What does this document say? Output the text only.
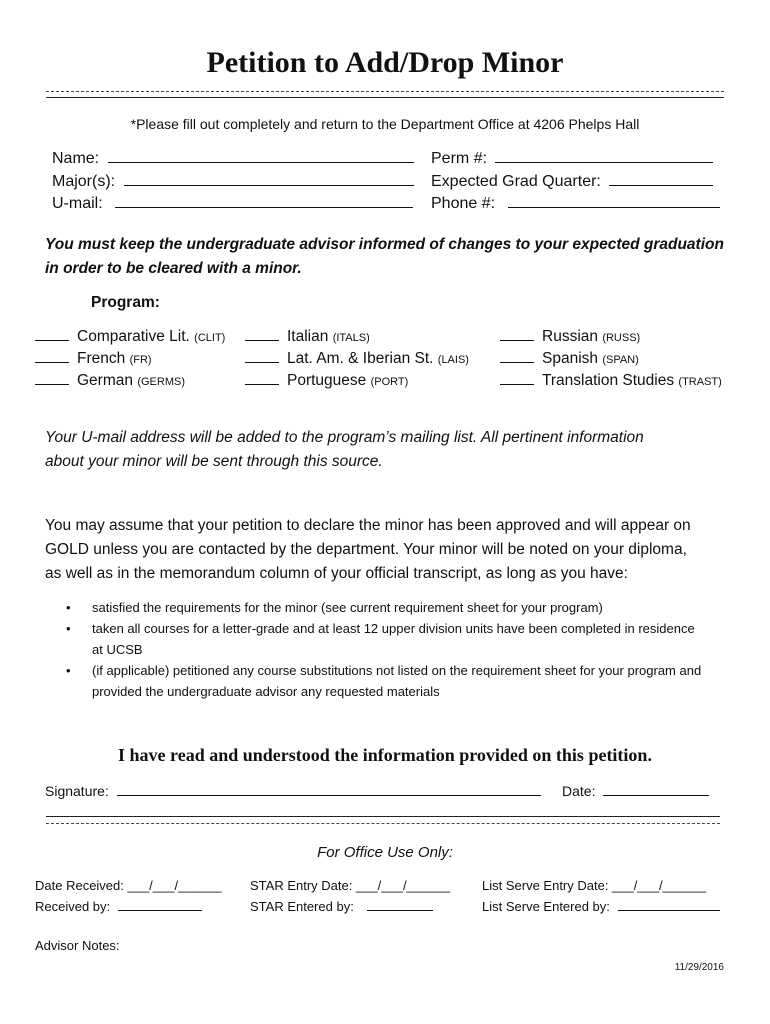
Petition to Add/Drop Minor
*Please fill out completely and return to the Department Office at 4206 Phelps Hall
Name:
Major(s):
U-mail:
Perm #:
Expected Grad Quarter:
Phone #:
You must keep the undergraduate advisor informed of changes to your expected graduation
in order to be cleared with a minor.
Program:
Comparative Lit. (CLIT)
French (FR)
German (GERMS)
Italian (ITALS)
Lat. Am. & Iberian St. (LAIS)
Portuguese (PORT)
Russian (RUSS)
Spanish (SPAN)
Translation Studies (TRAST)
Your U-mail address will be added to the program’s mailing list. All pertinent information
about your minor will be sent through this source.
You may assume that your petition to declare the minor has been approved and will appear on
GOLD unless you are contacted by the department. Your minor will be noted on your diploma,
as well as in the memorandum column of your official transcript, as long as you have:
• satisfied the requirements for the minor (see current requirement sheet for your program)
• taken all courses for a letter-grade and at least 12 upper division units have been completed in residence at UCSB
• (if applicable) petitioned any course substitutions not listed on the requirement sheet for your program and provided the undergraduate advisor any requested materials
I have read and understood the information provided on this petition.
Signature:	Date:
For Office Use Only:
Date Received: ___/___/______
Received by:
STAR Entry Date: ___/___/______
STAR Entered by:
List Serve Entry Date: ___/___/______
List Serve Entered by:
Advisor Notes:
11/29/2016
